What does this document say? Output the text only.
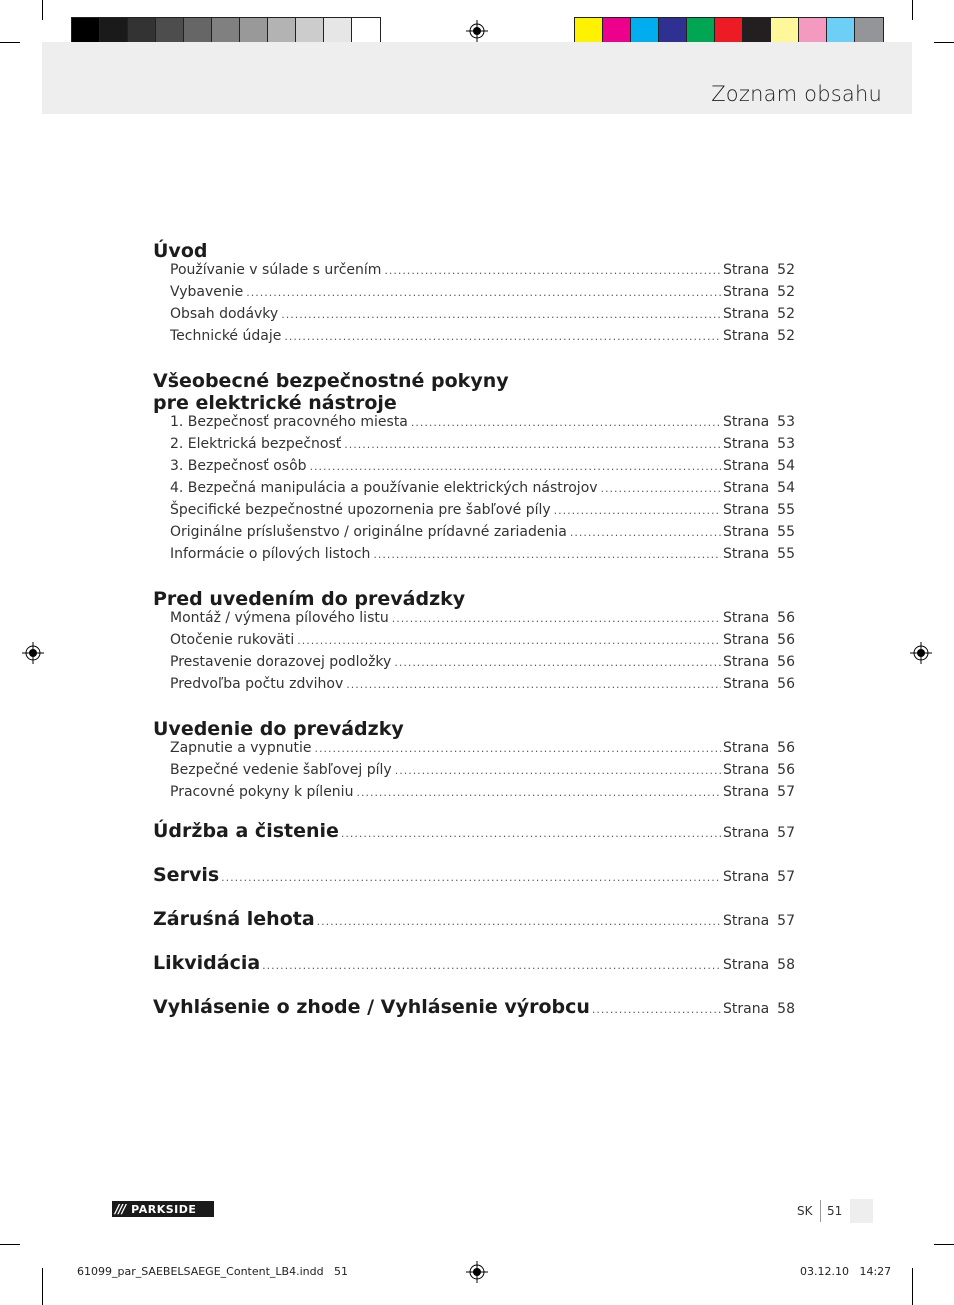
Zoznam obsahu
Úvod
Používanie v súlade s určením .....	Strana 52
Vybavenie .....	Strana 52
Obsah dodávky .....	Strana 52
Technické údaje .....	Strana 52
Všeobecné bezpečnostné pokyny
pre elektrické nástroje
1. Bezpečnosť pracovného miesta .....	Strana 53
2. Elektrická bezpečnosť .....	Strana 53
3. Bezpečnosť osôb .....	Strana 54
4. Bezpečná manipulácia a používanie elektrických nástrojov .....	Strana 54
Špecifické bezpečnostné upozornenia pre šabľové píly .....	Strana 55
Originálne príslušenstvo / originálne prídavné zariadenia .....	Strana 55
Informácie o pílových listoch .....	Strana 55
Pred uvedením do prevádzky
Montáž / výmena pílového listu .....	Strana 56
Otočenie rukoväti .....	Strana 56
Prestavenie dorazovej podložky .....	Strana 56
Predvoľba počtu zdvihov .....	Strana 56
Uvedenie do prevádzky
Zapnutie a vypnutie .....	Strana 56
Bezpečné vedenie šabľovej píly .....	Strana 56
Pracovné pokyny k píleniu .....	Strana 57
Údržba a čistenie .....	Strana 57
Servis .....	Strana 57
Záruśná lehota .....	Strana 57
Likvidácia .....	Strana 58
Vyhlásenie o zhode / Vyhlásenie výrobcu .....	Strana 58
/// PARKSIDE	SK 51
61099_par_SAEBELSAEGE_Content_LB4.indd   51	03.12.10   14:27
